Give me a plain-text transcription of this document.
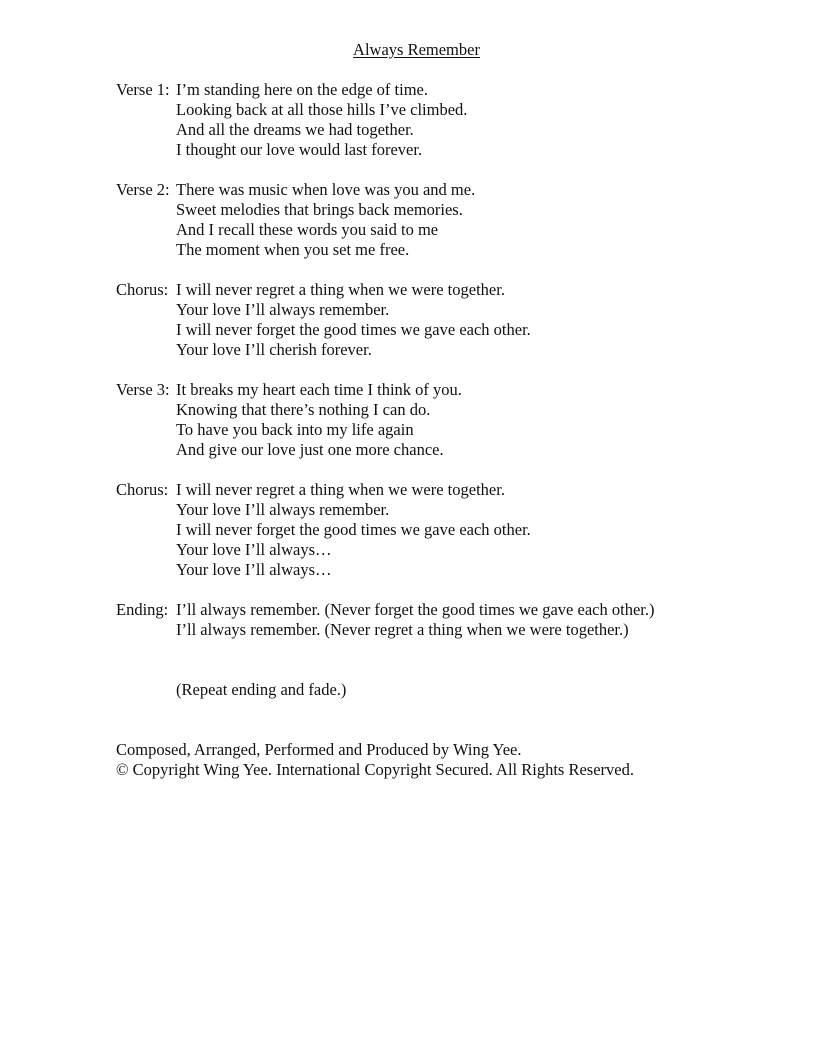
Always Remember
Verse 1: I’m standing here on the edge of time.
Looking back at all those hills I’ve climbed.
And all the dreams we had together.
I thought our love would last forever.
Verse 2: There was music when love was you and me.
Sweet melodies that brings back memories.
And I recall these words you said to me
The moment when you set me free.
Chorus: I will never regret a thing when we were together.
Your love I’ll always remember.
I will never forget the good times we gave each other.
Your love I’ll cherish forever.
Verse 3: It breaks my heart each time I think of you.
Knowing that there’s nothing I can do.
To have you back into my life again
And give our love just one more chance.
Chorus: I will never regret a thing when we were together.
Your love I’ll always remember.
I will never forget the good times we gave each other.
Your love I’ll always…
Your love I’ll always…
Ending: I’ll always remember. (Never forget the good times we gave each other.)
I’ll always remember. (Never regret a thing when we were together.)
(Repeat ending and fade.)
Composed, Arranged, Performed and Produced by Wing Yee.
© Copyright Wing Yee. International Copyright Secured. All Rights Reserved.
